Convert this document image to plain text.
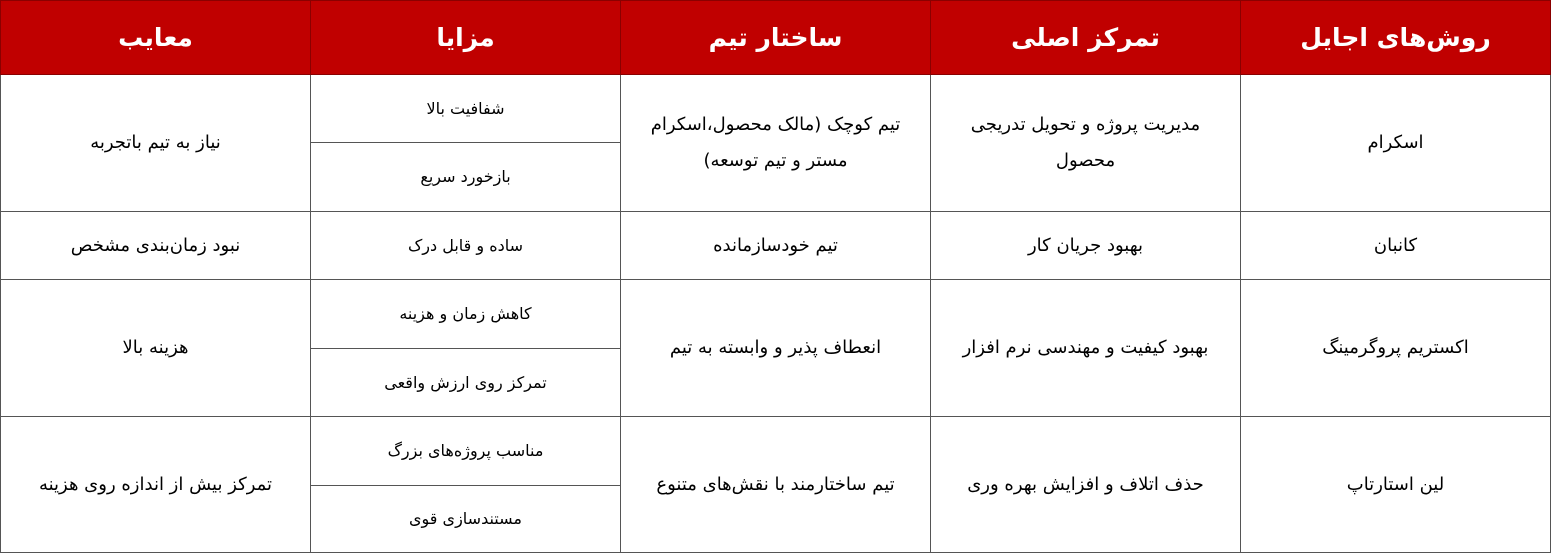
روش‌های اجایل	تمرکز اصلی	ساختار تیم	مزایا	معایب
اسکرام	مدیریت پروژه و تحویل تدریجی محصول	تیم کوچک (مالک محصول،اسکرام مستر و تیم توسعه)	شفافیت بالا	نیاز به تیم باتجربه
			بازخورد سریع	
کانبان	بهبود جریان کار	تیم خودسازمانده	ساده و قابل درک	نبود زمان‌بندی مشخص
اکستریم پروگرمینگ	بهبود کیفیت و مهندسی نرم افزار	انعطاف پذیر و وابسته به تیم	کاهش زمان و هزینه	هزینه بالا
			تمرکز روی ارزش واقعی	
لین استارتاپ	حذف اتلاف و افزایش بهره وری	تیم ساختارمند با نقش‌های متنوع	مناسب پروژه‌های بزرگ	تمرکز بیش از اندازه روی هزینه
			مستندسازی قوی	
